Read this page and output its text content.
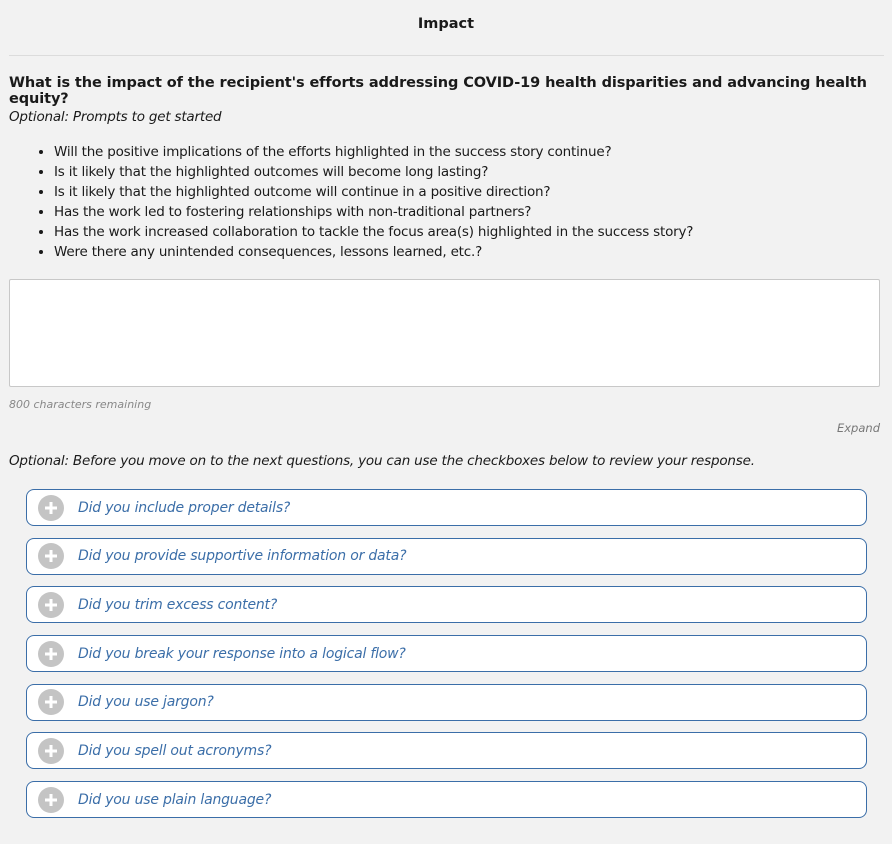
Impact
What is the impact of the recipient's efforts addressing COVID-19 health disparities and advancing health equity?
Optional: Prompts to get started
• Will the positive implications of the efforts highlighted in the success story continue?
• Is it likely that the highlighted outcomes will become long lasting?
• Is it likely that the highlighted outcome will continue in a positive direction?
• Has the work led to fostering relationships with non-traditional partners?
• Has the work increased collaboration to tackle the focus area(s) highlighted in the success story?
• Were there any unintended consequences, lessons learned, etc.?
800 characters remaining
Expand
Optional: Before you move on to the next questions, you can use the checkboxes below to review your response.
Did you include proper details?
Did you provide supportive information or data?
Did you trim excess content?
Did you break your response into a logical flow?
Did you use jargon?
Did you spell out acronyms?
Did you use plain language?
